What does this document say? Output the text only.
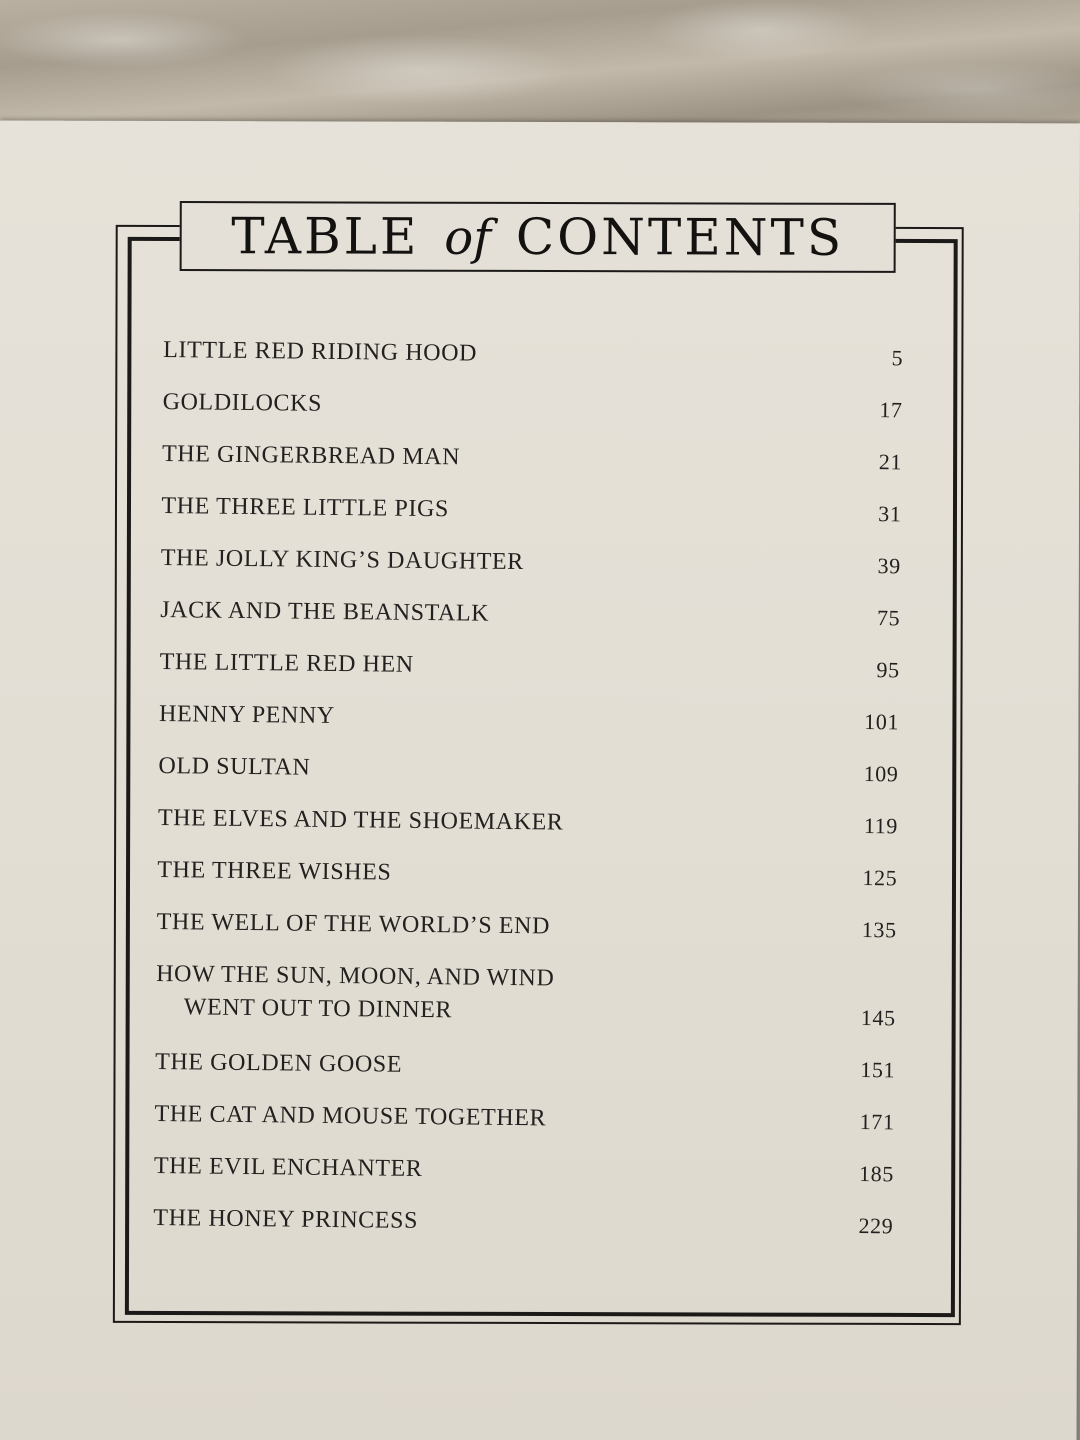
TABLE of CONTENTS
LITTLE RED RIDING HOOD	5
GOLDILOCKS	17
THE GINGERBREAD MAN	21
THE THREE LITTLE PIGS	31
THE JOLLY KING’S DAUGHTER	39
JACK AND THE BEANSTALK	75
THE LITTLE RED HEN	95
HENNY PENNY	101
OLD SULTAN	109
THE ELVES AND THE SHOEMAKER	119
THE THREE WISHES	125
THE WELL OF THE WORLD’S END	135
HOW THE SUN, MOON, AND WIND
WENT OUT TO DINNER	145
THE GOLDEN GOOSE	151
THE CAT AND MOUSE TOGETHER	171
THE EVIL ENCHANTER	185
THE HONEY PRINCESS	229
